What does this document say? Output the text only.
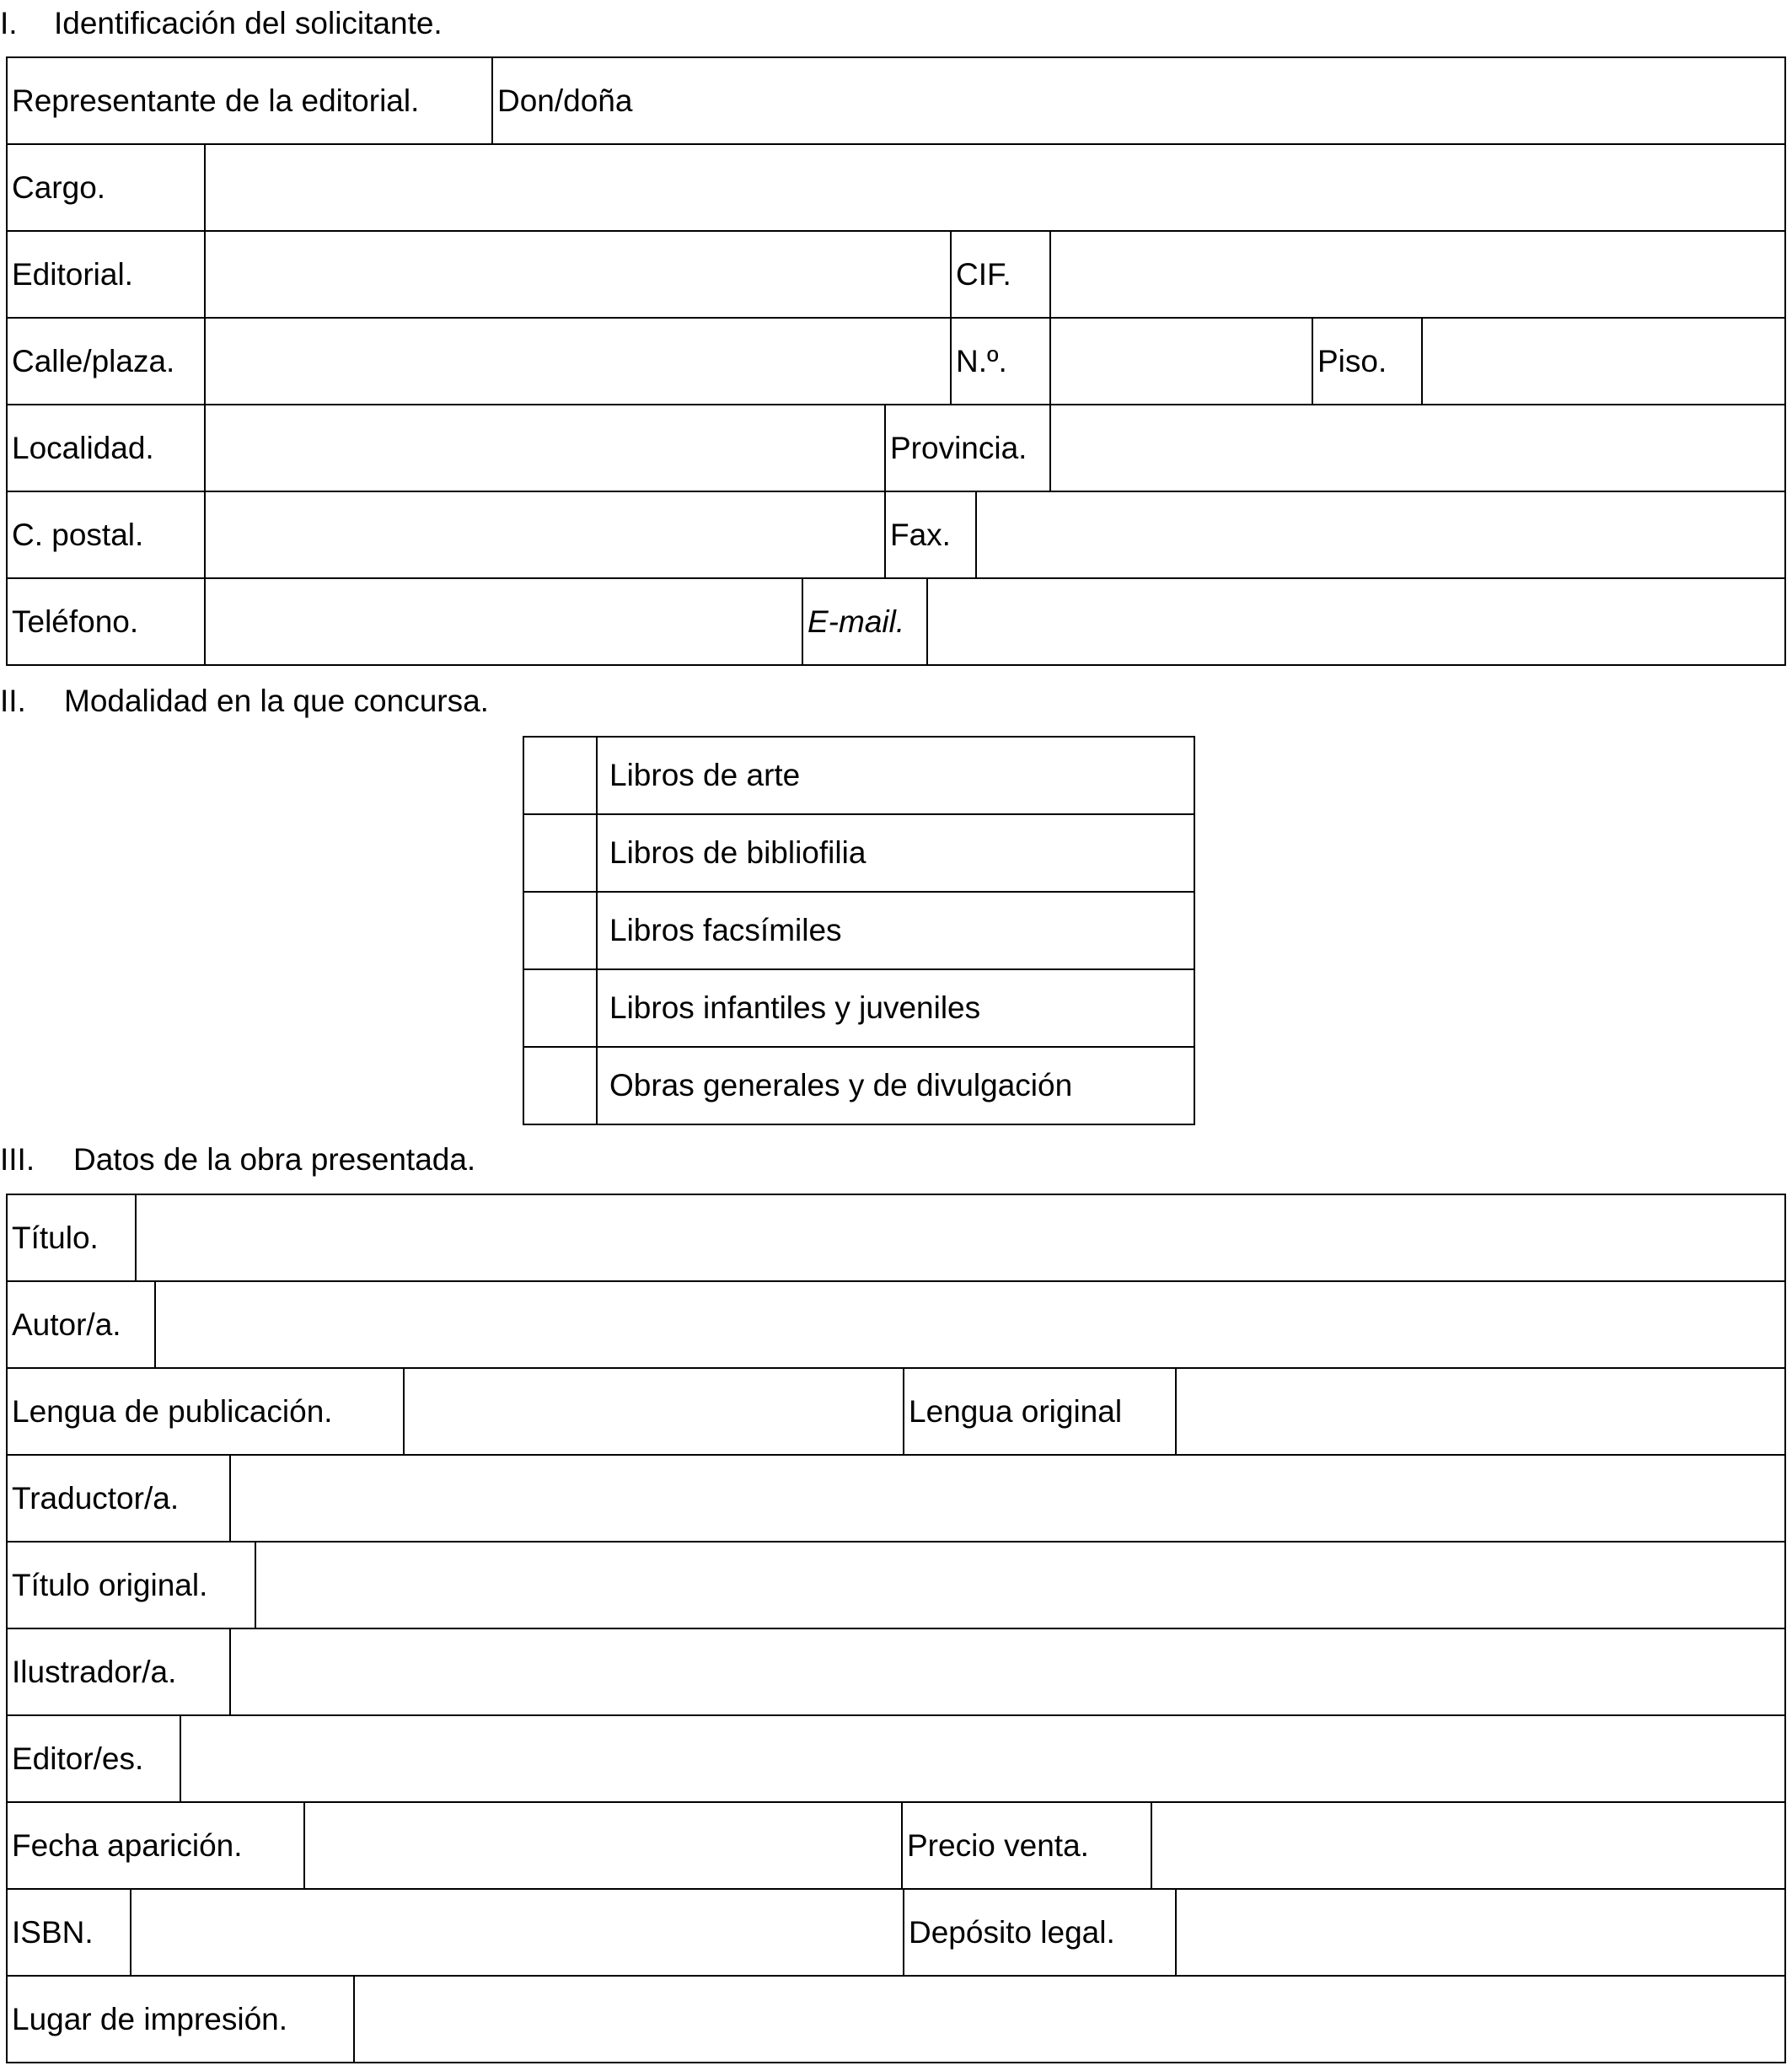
I. Identificación del solicitante.
Representante de la editorial.	Don/doña
Cargo.
Editorial.	CIF.
Calle/plaza.	N.º.	Piso.
Localidad.	Provincia.
C. postal.	Fax.
Teléfono.	E-mail.
II. Modalidad en la que concursa.
Libros de arte
Libros de bibliofilia
Libros facsímiles
Libros infantiles y juveniles
Obras generales y de divulgación
III. Datos de la obra presentada.
Título.
Autor/a.
Lengua de publicación.	Lengua original
Traductor/a.
Título original.
Ilustrador/a.
Editor/es.
Fecha aparición.	Precio venta.
ISBN.	Depósito legal.
Lugar de impresión.
